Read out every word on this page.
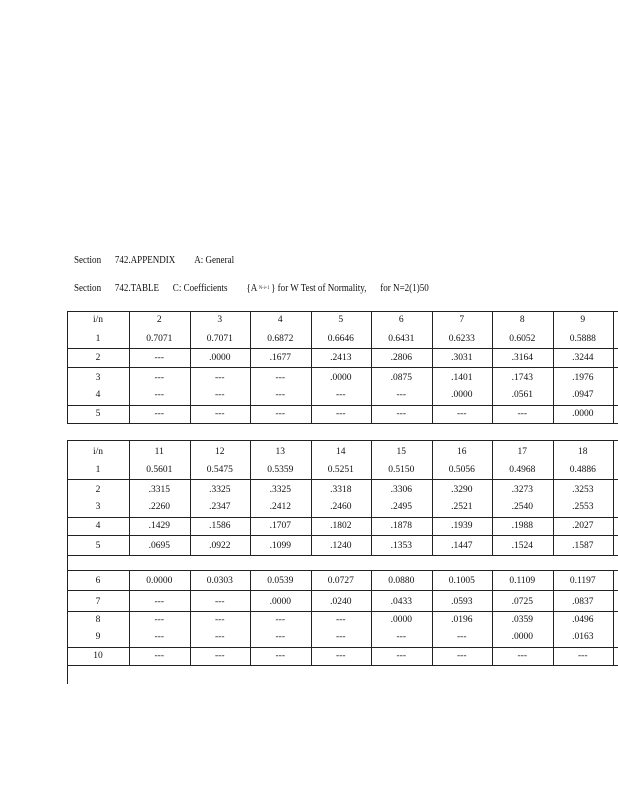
Section 742.APPENDIX A: General
Section 742.TABLE C: Coefficients {A N-i+1 } for W Test of Normality, for N=2(1)50
i/n	2	3	4	5	6	7	8	9
1	0.7071	0.7071	0.6872	0.6646	0.6431	0.6233	0.6052	0.5888
2	---	.0000	.1677	.2413	.2806	.3031	.3164	.3244
3	---	---	---	.0000	.0875	.1401	.1743	.1976
4	---	---	---	---	---	.0000	.0561	.0947
5	---	---	---	---	---	---	---	.0000
i/n	11	12	13	14	15	16	17	18
1	0.5601	0.5475	0.5359	0.5251	0.5150	0.5056	0.4968	0.4886
2	.3315	.3325	.3325	.3318	.3306	.3290	.3273	.3253
3	.2260	.2347	.2412	.2460	.2495	.2521	.2540	.2553
4	.1429	.1586	.1707	.1802	.1878	.1939	.1988	.2027
5	.0695	.0922	.1099	.1240	.1353	.1447	.1524	.1587
6	0.0000	0.0303	0.0539	0.0727	0.0880	0.1005	0.1109	0.1197
7	---	---	.0000	.0240	.0433	.0593	.0725	.0837
8	---	---	---	---	.0000	.0196	.0359	.0496
9	---	---	---	---	---	---	.0000	.0163
10	---	---	---	---	---	---	---	---
